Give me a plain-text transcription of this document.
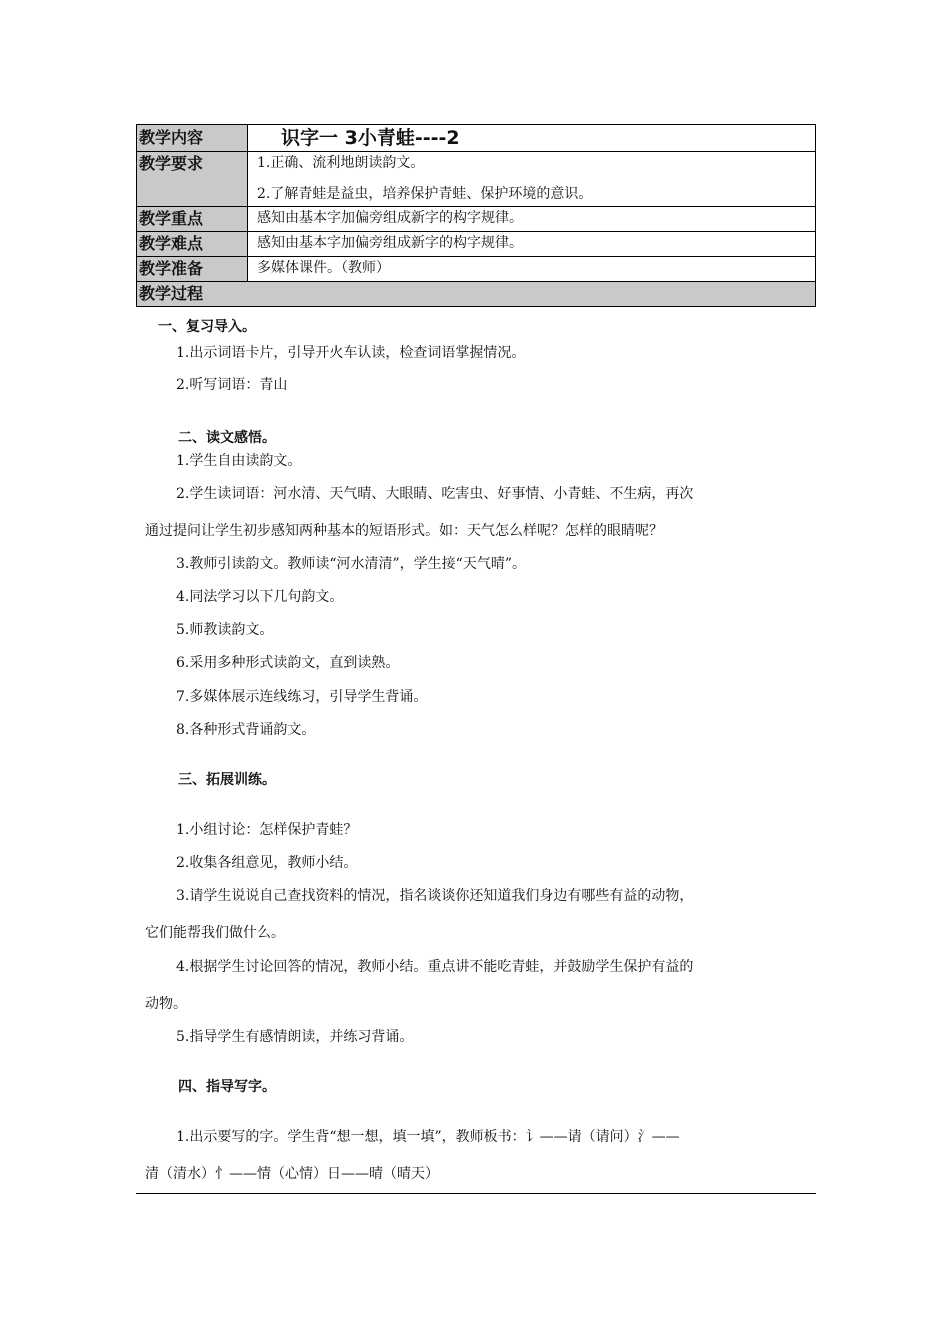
教学内容	识字一 3小青蛙----2

教学要求	1.正确、流利地朗读韵文。
2.了解青蛙是益虫，培养保护青蛙、保护环境的意识。

教学重点	感知由基本字加偏旁组成新字的构字规律。
教学难点	感知由基本字加偏旁组成新字的构字规律。
教学准备	多媒体课件。（教师）
教学过程	
一、复习导入。
1.出示词语卡片，引导开火车认读，检查词语掌握情况。
2.听写词语：青山
二、读文感悟。
1.学生自由读韵文。
2.学生读词语：河水清、天气晴、大眼睛、吃害虫、好事情、小青蛙、不生病，再次
通过提问让学生初步感知两种基本的短语形式。如：天气怎么样呢？怎样的眼睛呢？
3.教师引读韵文。教师读“河水清清”，学生接“天气晴”。
4.同法学习以下几句韵文。
5.师教读韵文。
6.采用多种形式读韵文，直到读熟。
7.多媒体展示连线练习，引导学生背诵。
8.各种形式背诵韵文。
三、拓展训练。
1.小组讨论：怎样保护青蛙？
2.收集各组意见，教师小结。
3.请学生说说自己查找资料的情况，指名谈谈你还知道我们身边有哪些有益的动物，
它们能帮我们做什么。
4.根据学生讨论回答的情况，教师小结。重点讲不能吃青蛙，并鼓励学生保护有益的
动物。
5.指导学生有感情朗读，并练习背诵。
四、指导写字。
1.出示要写的字。学生背“想一想，填一填”，教师板书：讠——请（请问）氵——
清（清水）忄——情（心情）日——晴（晴天）
